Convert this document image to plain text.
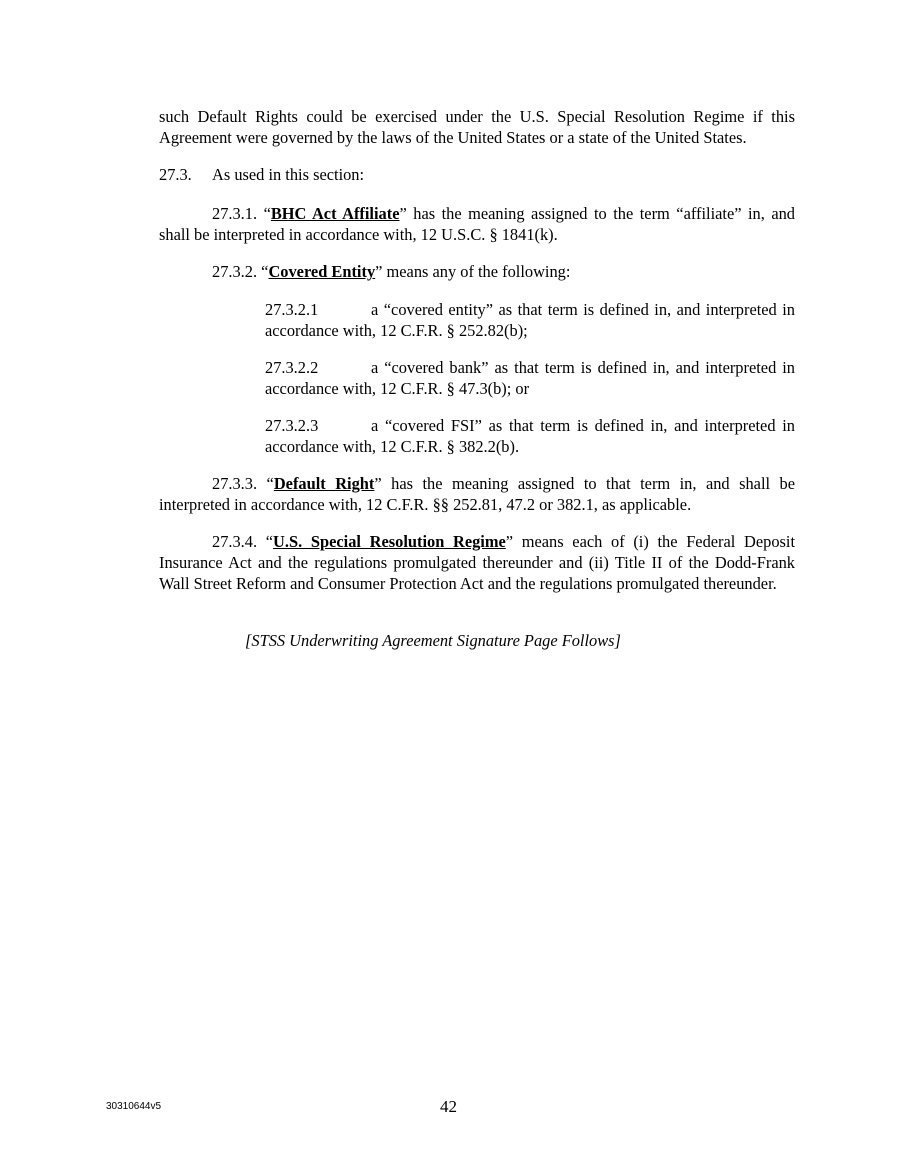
such Default Rights could be exercised under the U.S. Special Resolution Regime if this Agreement were governed by the laws of the United States or a state of the United States.

27.3. As used in this section:

27.3.1. “BHC Act Affiliate” has the meaning assigned to the term “affiliate” in, and shall be interpreted in accordance with, 12 U.S.C. § 1841(k).

27.3.2. “Covered Entity” means any of the following:

27.3.2.1	a “covered entity” as that term is defined in, and interpreted in accordance with, 12 C.F.R. § 252.82(b);

27.3.2.2	a “covered bank” as that term is defined in, and interpreted in accordance with, 12 C.F.R. § 47.3(b); or

27.3.2.3	a “covered FSI” as that term is defined in, and interpreted in accordance with, 12 C.F.R. § 382.2(b).

27.3.3. “Default Right” has the meaning assigned to that term in, and shall be interpreted in accordance with, 12 C.F.R. §§ 252.81, 47.2 or 382.1, as applicable.

27.3.4. “U.S. Special Resolution Regime” means each of (i) the Federal Deposit Insurance Act and the regulations promulgated thereunder and (ii) Title II of the Dodd-Frank Wall Street Reform and Consumer Protection Act and the regulations promulgated thereunder.

[STSS Underwriting Agreement Signature Page Follows]
30310644v5	42
